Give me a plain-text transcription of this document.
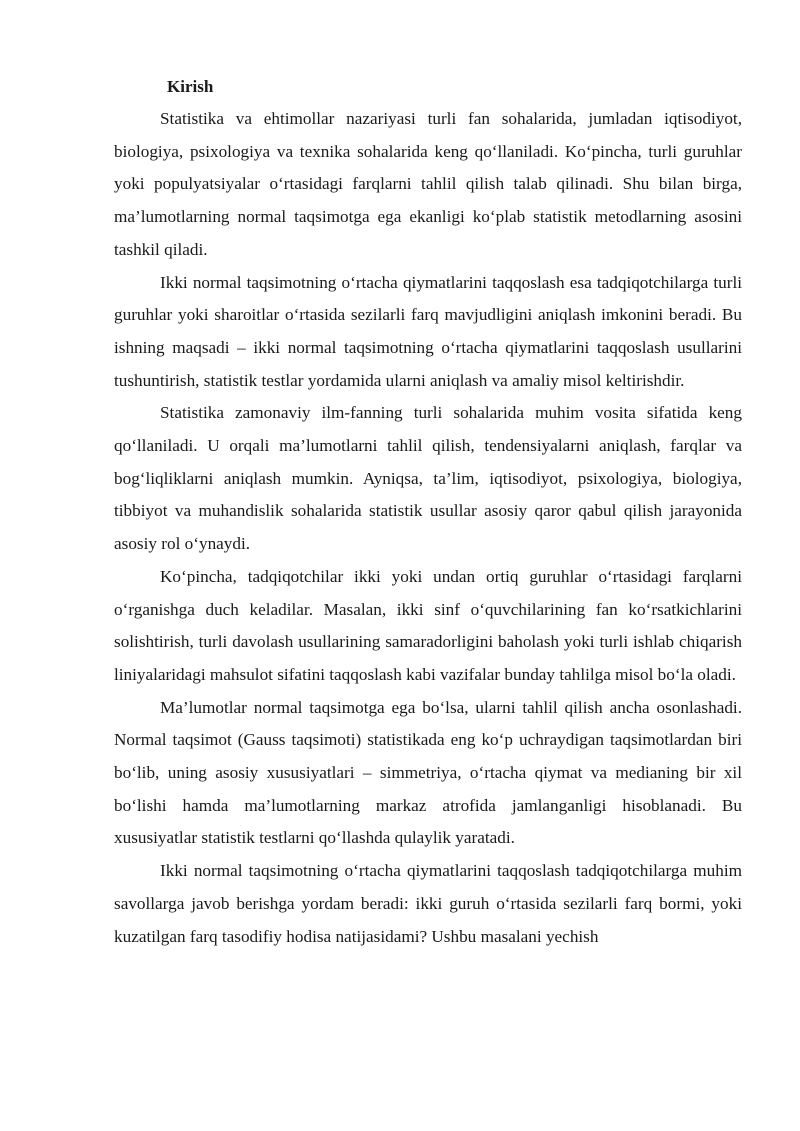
Kirish

Statistika va ehtimollar nazariyasi turli fan sohalarida, jumladan iqtisodiyot, biologiya, psixologiya va texnika sohalarida keng qo‘llaniladi. Ko‘pincha, turli guruhlar yoki populyatsiyalar o‘rtasidagi farqlarni tahlil qilish talab qilinadi. Shu bilan birga, ma’lumotlarning normal taqsimotga ega ekanligi ko‘plab statistik metodlarning asosini tashkil qiladi.

Ikki normal taqsimotning o‘rtacha qiymatlarini taqqoslash esa tadqiqotchilarga turli guruhlar yoki sharoitlar o‘rtasida sezilarli farq mavjudligini aniqlash imkonini beradi. Bu ishning maqsadi – ikki normal taqsimotning o‘rtacha qiymatlarini taqqoslash usullarini tushuntirish, statistik testlar yordamida ularni aniqlash va amaliy misol keltirishdir.

Statistika zamonaviy ilm-fanning turli sohalarida muhim vosita sifatida keng qo‘llaniladi. U orqali ma’lumotlarni tahlil qilish, tendensiyalarni aniqlash, farqlar va bog‘liqliklarni aniqlash mumkin. Ayniqsa, ta’lim, iqtisodiyot, psixologiya, biologiya, tibbiyot va muhandislik sohalarida statistik usullar asosiy qaror qabul qilish jarayonida asosiy rol o‘ynaydi.

Ko‘pincha, tadqiqotchilar ikki yoki undan ortiq guruhlar o‘rtasidagi farqlarni o‘rganishga duch keladilar. Masalan, ikki sinf o‘quvchilarining fan ko‘rsatkichlarini solishtirish, turli davolash usullarining samaradorligini baholash yoki turli ishlab chiqarish liniyalaridagi mahsulot sifatini taqqoslash kabi vazifalar bunday tahlilga misol bo‘la oladi.

Ma’lumotlar normal taqsimotga ega bo‘lsa, ularni tahlil qilish ancha osonlashadi. Normal taqsimot (Gauss taqsimoti) statistikada eng ko‘p uchraydigan taqsimotlardan biri bo‘lib, uning asosiy xususiyatlari – simmetriya, o‘rtacha qiymat va medianing bir xil bo‘lishi hamda ma’lumotlarning markaz atrofida jamlanganligi hisoblanadi. Bu xususiyatlar statistik testlarni qo‘llashda qulaylik yaratadi.

Ikki normal taqsimotning o‘rtacha qiymatlarini taqqoslash tadqiqotchilarga muhim savollarga javob berishga yordam beradi: ikki guruh o‘rtasida sezilarli farq bormi, yoki kuzatilgan farq tasodifiy hodisa natijasidami? Ushbu masalani yechish
